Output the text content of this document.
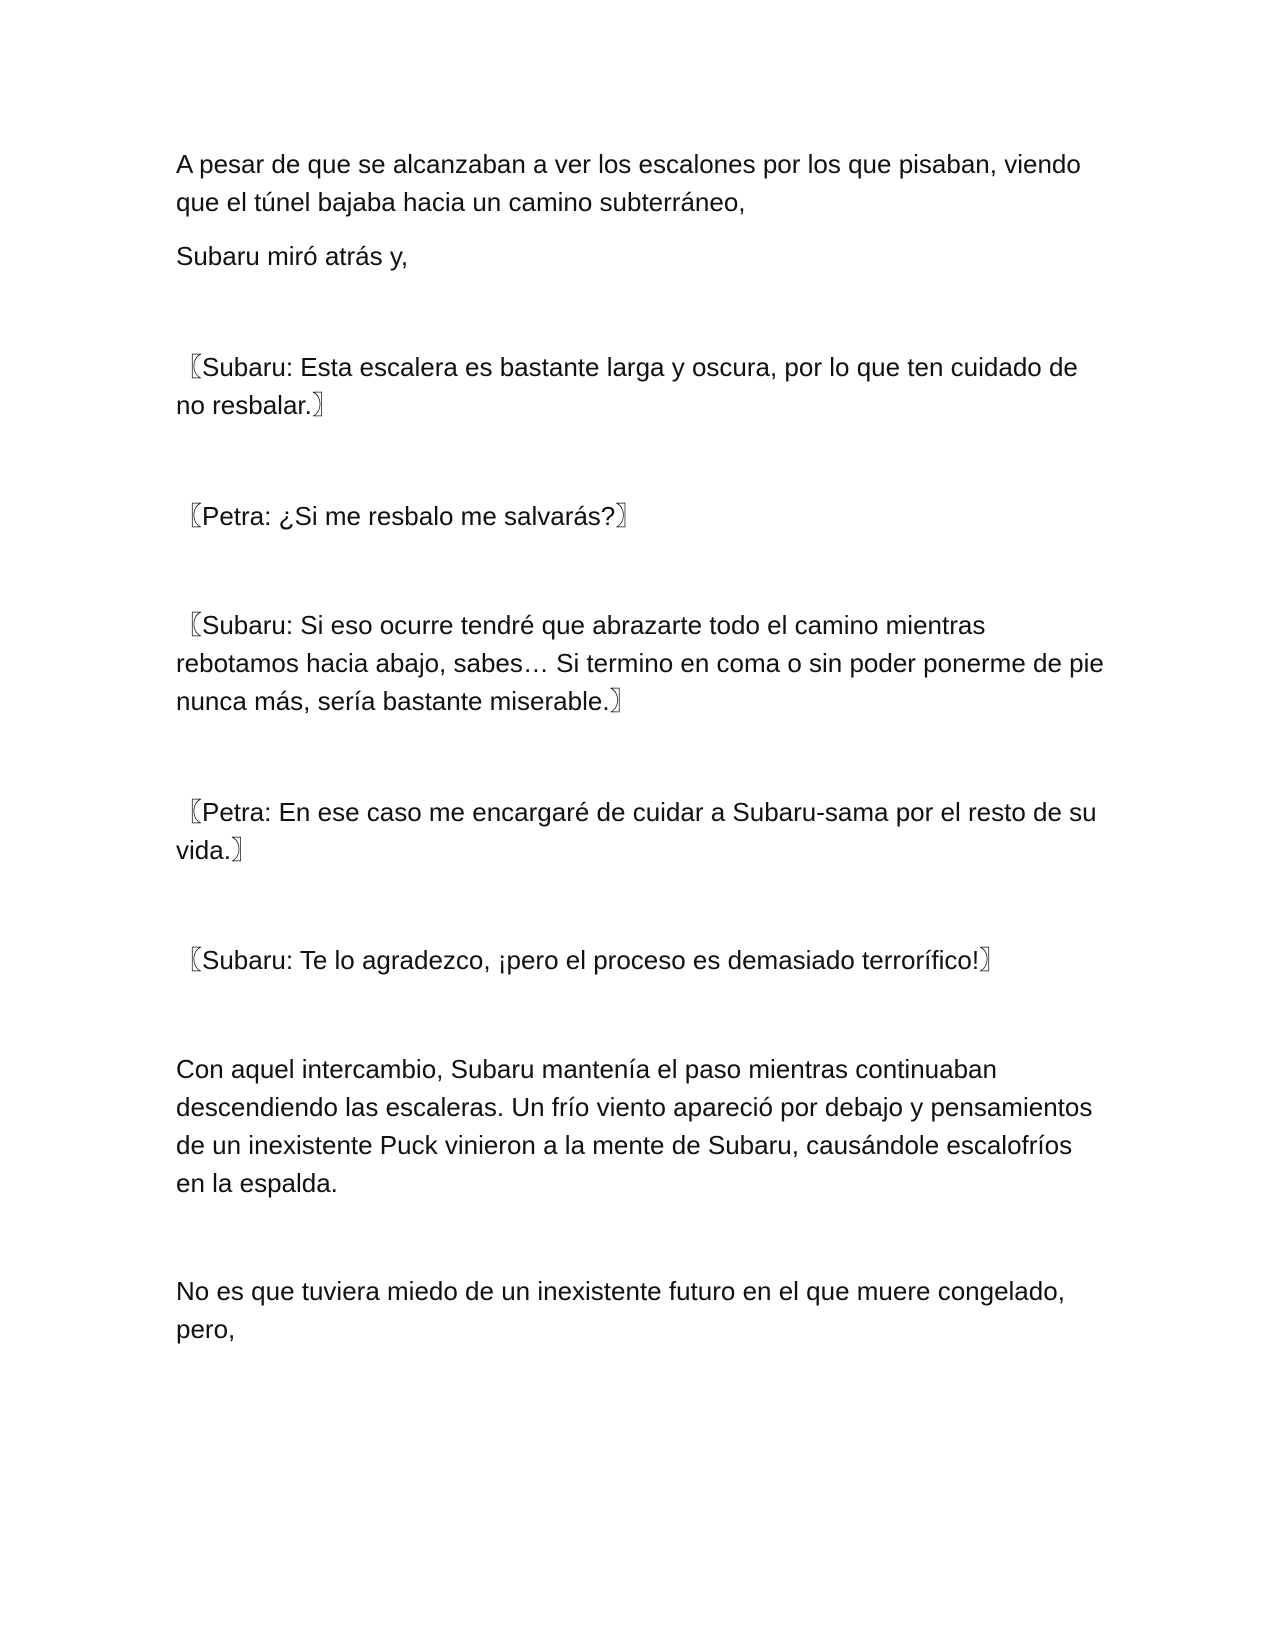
A pesar de que se alcanzaban a ver los escalones por los que pisaban, viendo que el túnel bajaba hacia un camino subterráneo,

Subaru miró atrás y,

〖Subaru: Esta escalera es bastante larga y oscura, por lo que ten cuidado de no resbalar.〗

〖Petra: ¿Si me resbalo me salvarás?〗

〖Subaru: Si eso ocurre tendré que abrazarte todo el camino mientras rebotamos hacia abajo, sabes… Si termino en coma o sin poder ponerme de pie nunca más, sería bastante miserable.〗

〖Petra: En ese caso me encargaré de cuidar a Subaru-sama por el resto de su vida.〗

〖Subaru: Te lo agradezco, ¡pero el proceso es demasiado terrorífico!〗

Con aquel intercambio, Subaru mantenía el paso mientras continuaban descendiendo las escaleras. Un frío viento apareció por debajo y pensamientos de un inexistente Puck vinieron a la mente de Subaru, causándole escalofríos en la espalda.

No es que tuviera miedo de un inexistente futuro en el que muere congelado, pero,
